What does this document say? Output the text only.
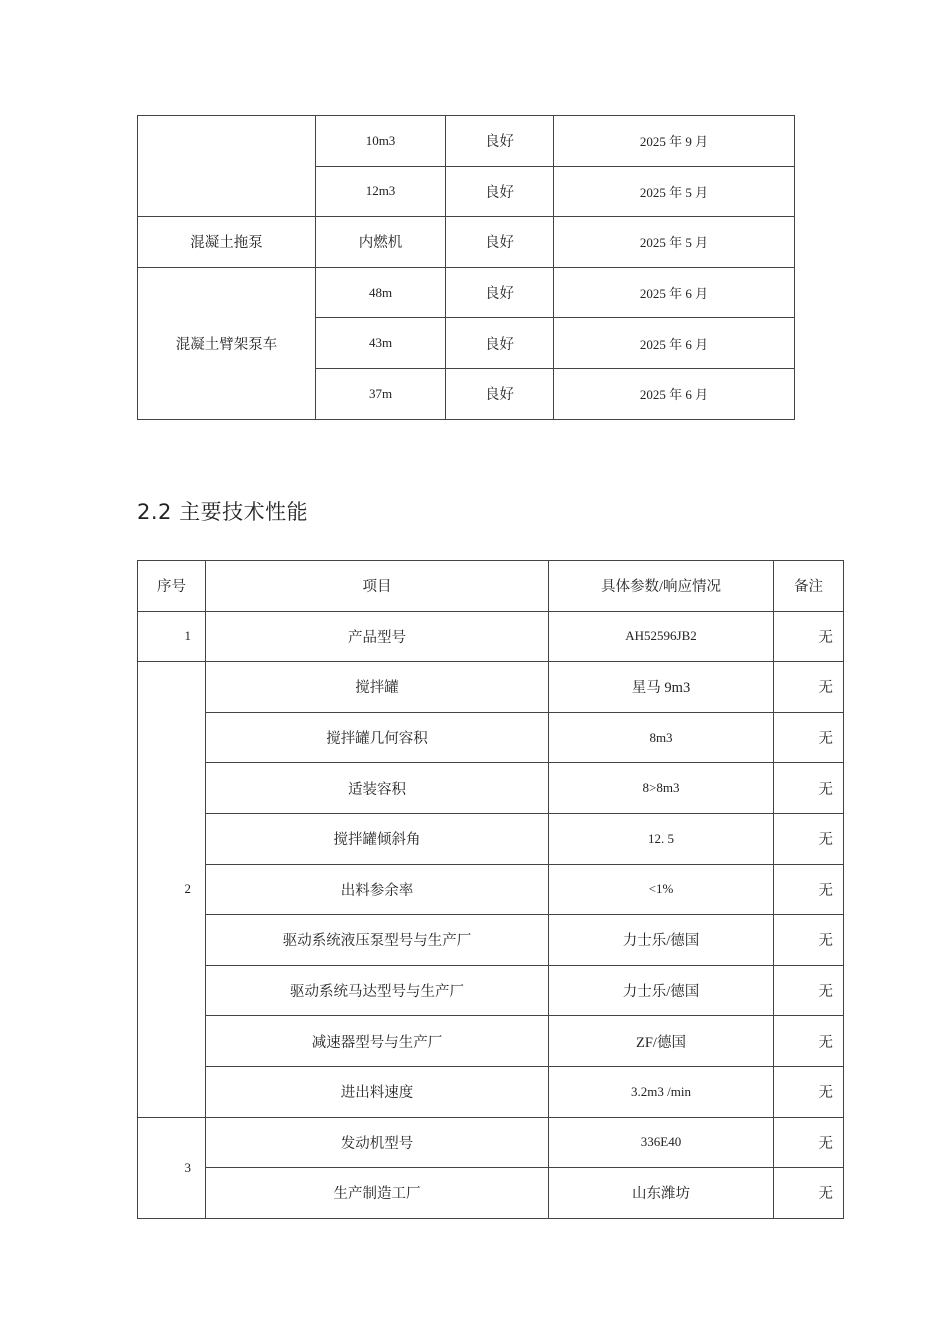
	10m3	良好	2025 年 9 月
	12m3	良好	2025 年 5 月
混凝土拖泵	内燃机	良好	2025 年 5 月
混凝土臂架泵车	48m	良好	2025 年 6 月
	43m	良好	2025 年 6 月
	37m	良好	2025 年 6 月
2.2 主要技术性能
序号	项目	具体参数/响应情况	备注
1	产品型号	AH52596JB2	无
2	搅拌罐	星马 9m3	无
	搅拌罐几何容积	8m3	无
	适装容积	8>8m3	无
	搅拌罐倾斜角	12. 5	无
	出料参余率	<1%	无
	驱动系统液压泵型号与生产厂	力士乐/德国	无
	驱动系统马达型号与生产厂	力士乐/德国	无
	减速器型号与生产厂	ZF/德国	无
	进出料速度	3.2m3 /min	无
3	发动机型号	336E40	无
	生产制造工厂	山东潍坊	无
